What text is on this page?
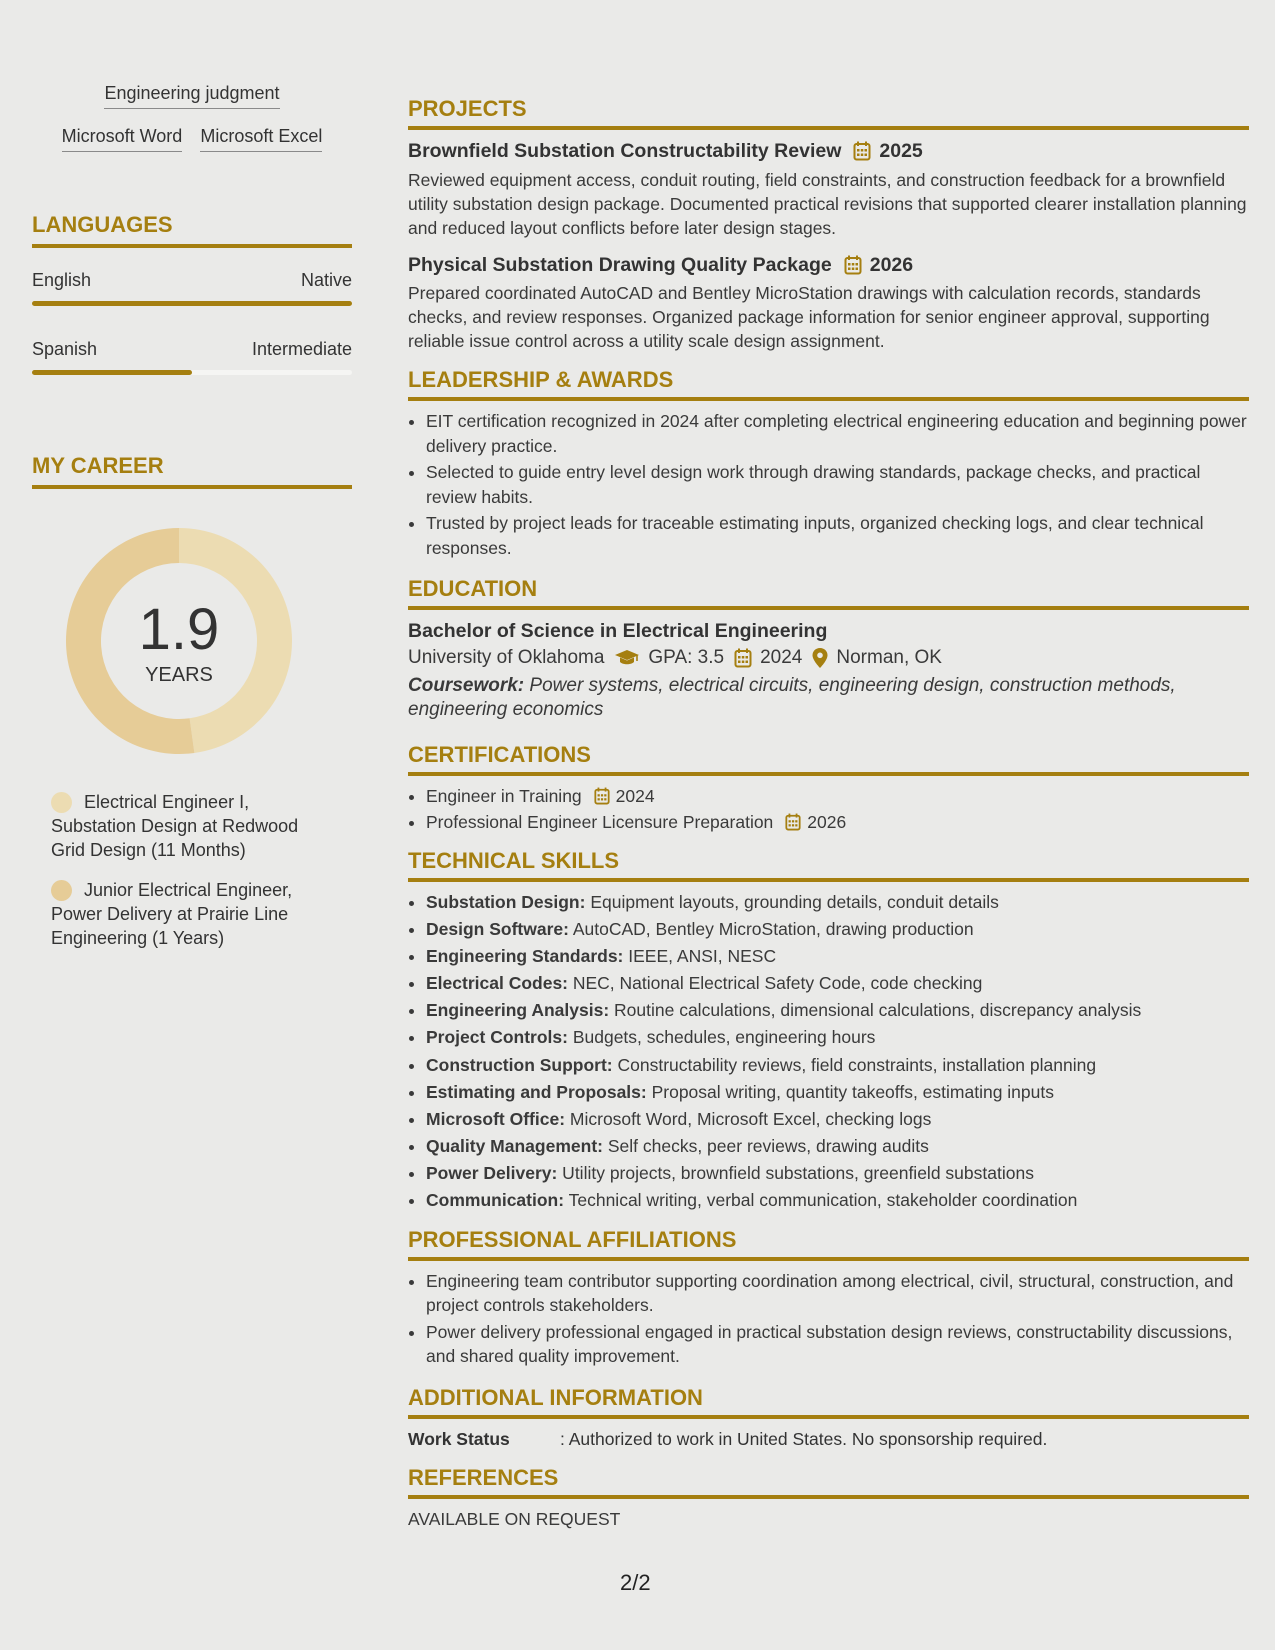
Engineering judgment
Microsoft Word Microsoft Excel
LANGUAGES
English	Native
Spanish	Intermediate
MY CAREER
1.9
YEARS
Electrical Engineer I, Substation Design at Redwood Grid Design (11 Months)
Junior Electrical Engineer, Power Delivery at Prairie Line Engineering (1 Years)
PROJECTS
Brownfield Substation Constructability Review 2025
Reviewed equipment access, conduit routing, field constraints, and construction feedback for a brownfield utility substation design package. Documented practical revisions that supported clearer installation planning and reduced layout conflicts before later design stages.
Physical Substation Drawing Quality Package 2026
Prepared coordinated AutoCAD and Bentley MicroStation drawings with calculation records, standards checks, and review responses. Organized package information for senior engineer approval, supporting reliable issue control across a utility scale design assignment.
LEADERSHIP & AWARDS
• EIT certification recognized in 2024 after completing electrical engineering education and beginning power delivery practice.
• Selected to guide entry level design work through drawing standards, package checks, and practical review habits.
• Trusted by project leads for traceable estimating inputs, organized checking logs, and clear technical responses.
EDUCATION
Bachelor of Science in Electrical Engineering
University of Oklahoma GPA: 3.5 2024 Norman, OK
Coursework: Power systems, electrical circuits, engineering design, construction methods, engineering economics
CERTIFICATIONS
• Engineer in Training 2024
• Professional Engineer Licensure Preparation 2026
TECHNICAL SKILLS
• Substation Design: Equipment layouts, grounding details, conduit details
• Design Software: AutoCAD, Bentley MicroStation, drawing production
• Engineering Standards: IEEE, ANSI, NESC
• Electrical Codes: NEC, National Electrical Safety Code, code checking
• Engineering Analysis: Routine calculations, dimensional calculations, discrepancy analysis
• Project Controls: Budgets, schedules, engineering hours
• Construction Support: Constructability reviews, field constraints, installation planning
• Estimating and Proposals: Proposal writing, quantity takeoffs, estimating inputs
• Microsoft Office: Microsoft Word, Microsoft Excel, checking logs
• Quality Management: Self checks, peer reviews, drawing audits
• Power Delivery: Utility projects, brownfield substations, greenfield substations
• Communication: Technical writing, verbal communication, stakeholder coordination
PROFESSIONAL AFFILIATIONS
• Engineering team contributor supporting coordination among electrical, civil, structural, construction, and project controls stakeholders.
• Power delivery professional engaged in practical substation design reviews, constructability discussions, and shared quality improvement.
ADDITIONAL INFORMATION
Work Status	: Authorized to work in United States. No sponsorship required.
REFERENCES
AVAILABLE ON REQUEST
2/2
